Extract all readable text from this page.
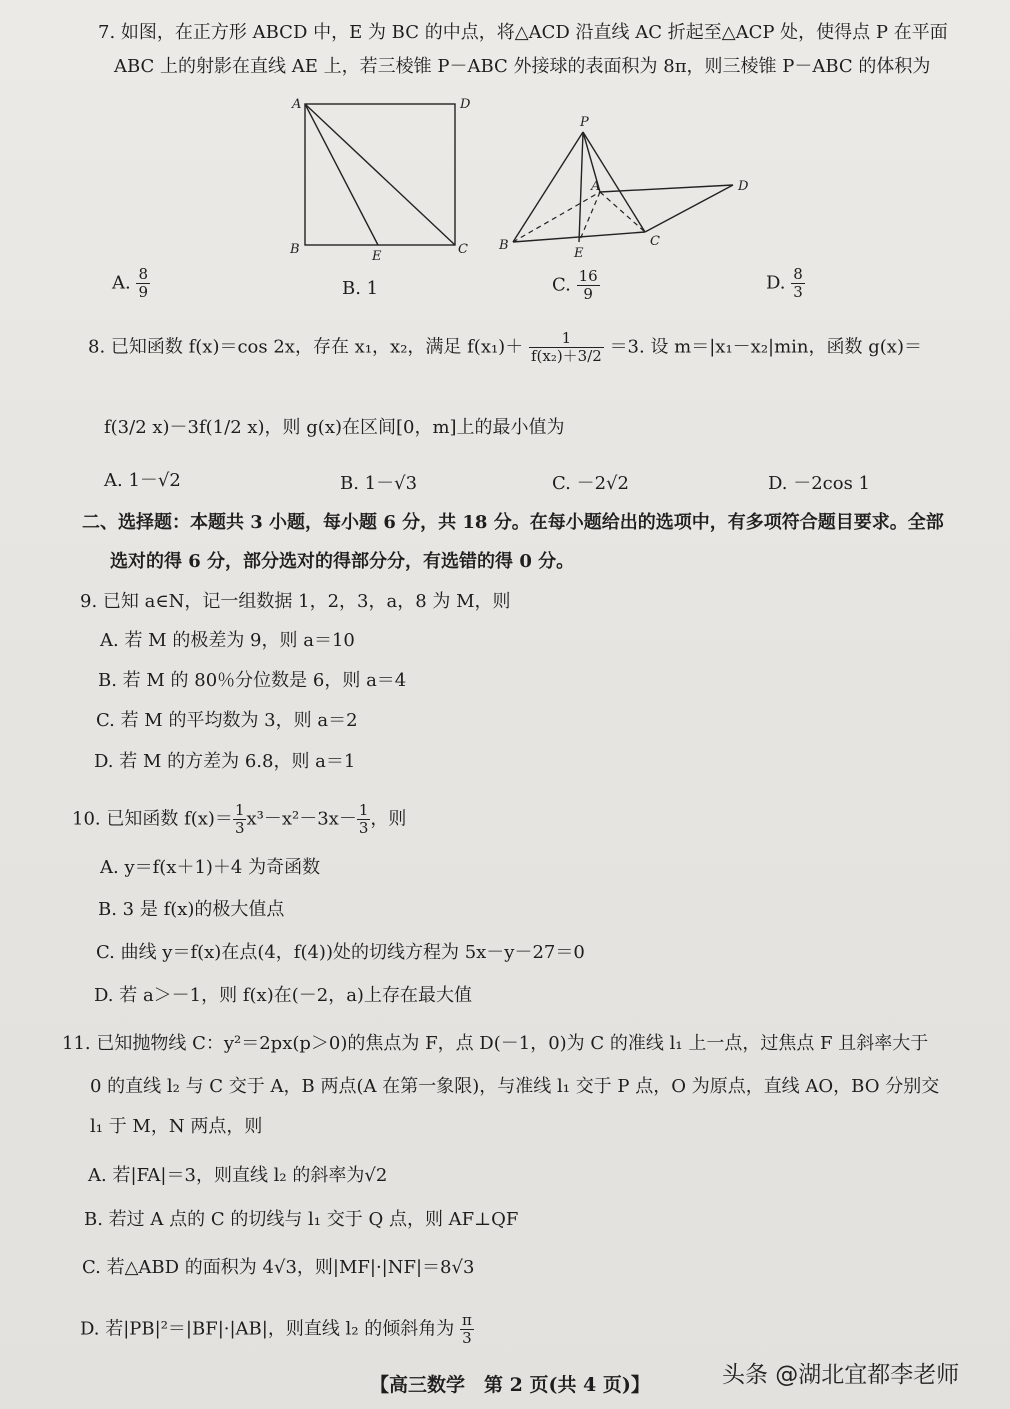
7. 如图，在正方形 ABCD 中，E 为 BC 的中点，将△ACD 沿直线 AC 折起至△ACP 处，使得点 P 在平面
ABC 上的射影在直线 AE 上，若三棱锥 P－ABC 外接球的表面积为 8π，则三棱锥 P－ABC 的体积为
A	D
B	C
E
P
A	D
B	C
E
A. $\frac{8}{9}$	B. 1	C. $\frac{16}{9}$	D. $\frac{8}{3}$
8. 已知函数 f(x)＝cos 2x，存在 x₁，x₂，满足 $f(x_1)+ \frac{1}{\text{f(x₂)＋3/2}} =3$. 设 m＝|x₁－x₂|min，函数 g(x)＝
f(3/2 x)－3f(1/2 x)，则 g(x)在区间[0，m]上的最小值为
A. 1－√2	B. 1－√3	C. －2√2	D. －2cos 1
二、选择题：本题共 3 小题，每小题 6 分，共 18 分。在每小题给出的选项中，有多项符合题目要求。全部
选对的得 6 分，部分选对的得部分分，有选错的得 0 分。
9. 已知 a∈N，记一组数据 1，2，3，a，8 为 M，则
A. 若 M 的极差为 9，则 a＝10
B. 若 M 的 80％分位数是 6，则 a＝4
C. 若 M 的平均数为 3，则 a＝2
D. 若 M 的方差为 6.8，则 a＝1
10. 已知函数 $f(x)= \frac{1}{3} x^3-x^2-3x- \frac{1}{3}$ ，则
A. y＝f(x＋1)＋4 为奇函数
B. 3 是 f(x)的极大值点
C. 曲线 y＝f(x)在点(4，f(4))处的切线方程为 5x－y－27＝0
D. 若 a＞－1，则 f(x)在(－2，a)上存在最大值
11. 已知抛物线 C：y²＝2px(p＞0)的焦点为 F，点 D(－1，0)为 C 的准线 l₁ 上一点，过焦点 F 且斜率大于
0 的直线 l₂ 与 C 交于 A，B 两点(A 在第一象限)，与准线 l₁ 交于 P 点，O 为原点，直线 AO，BO 分别交
l₁ 于 M，N 两点，则
A. 若|FA|＝3，则直线 l₂ 的斜率为√2
B. 若过 A 点的 C 的切线与 l₁ 交于 Q 点，则 AF⊥QF
C. 若△ABD 的面积为 4√3，则|MF|·|NF|＝8√3
D. 若|PB|²＝|BF|·|AB|，则直线 l₂ 的倾斜角为 $\frac{\pi}{3}$
【高三数学　第 2 页(共 4 页)】	头条 @湖北宜都李老师
